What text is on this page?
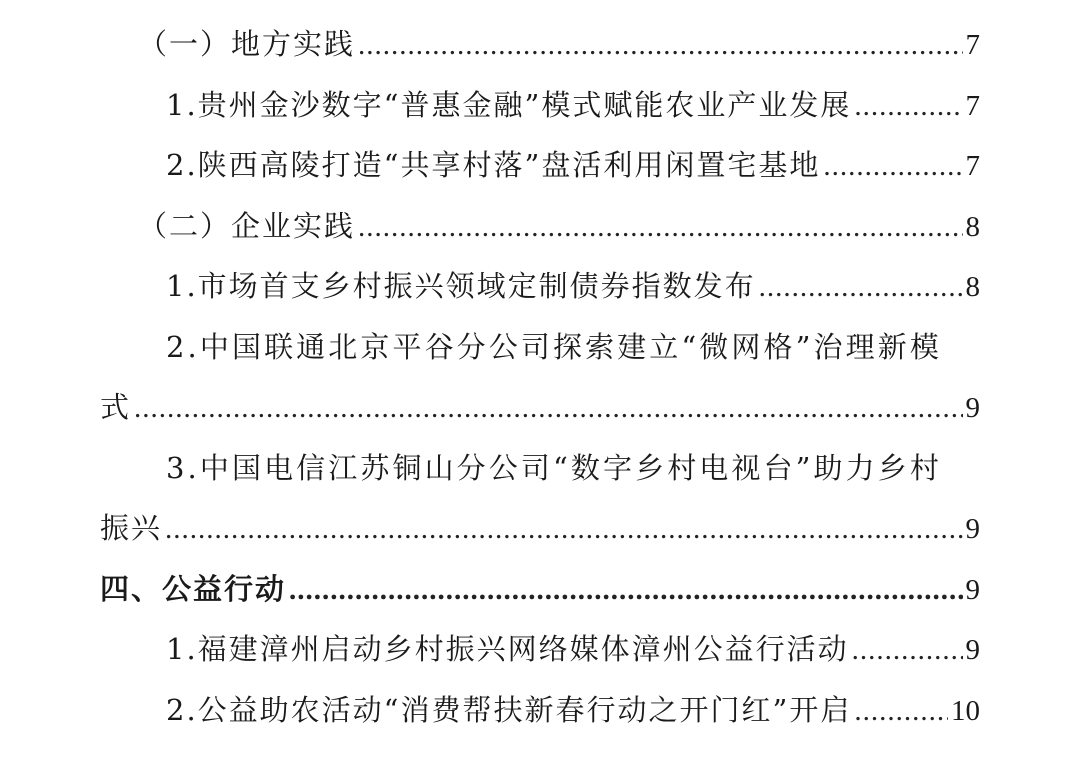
（一）地方实践 .....	7
1.贵州金沙数字“普惠金融”模式赋能农业产业发展 .....	7
2.陕西高陵打造“共享村落”盘活利用闲置宅基地 .....	7
（二）企业实践 .....	8
1.市场首支乡村振兴领域定制债券指数发布 .....	8
2.中国联通北京平谷分公司探索建立“微网格”治理新模
式 .....	9
3.中国电信江苏铜山分公司“数字乡村电视台”助力乡村
振兴 .....	9
四、公益行动 .....	9
1.福建漳州启动乡村振兴网络媒体漳州公益行活动 .....	9
2.公益助农活动“消费帮扶新春行动之开门红”开启 .....	10
